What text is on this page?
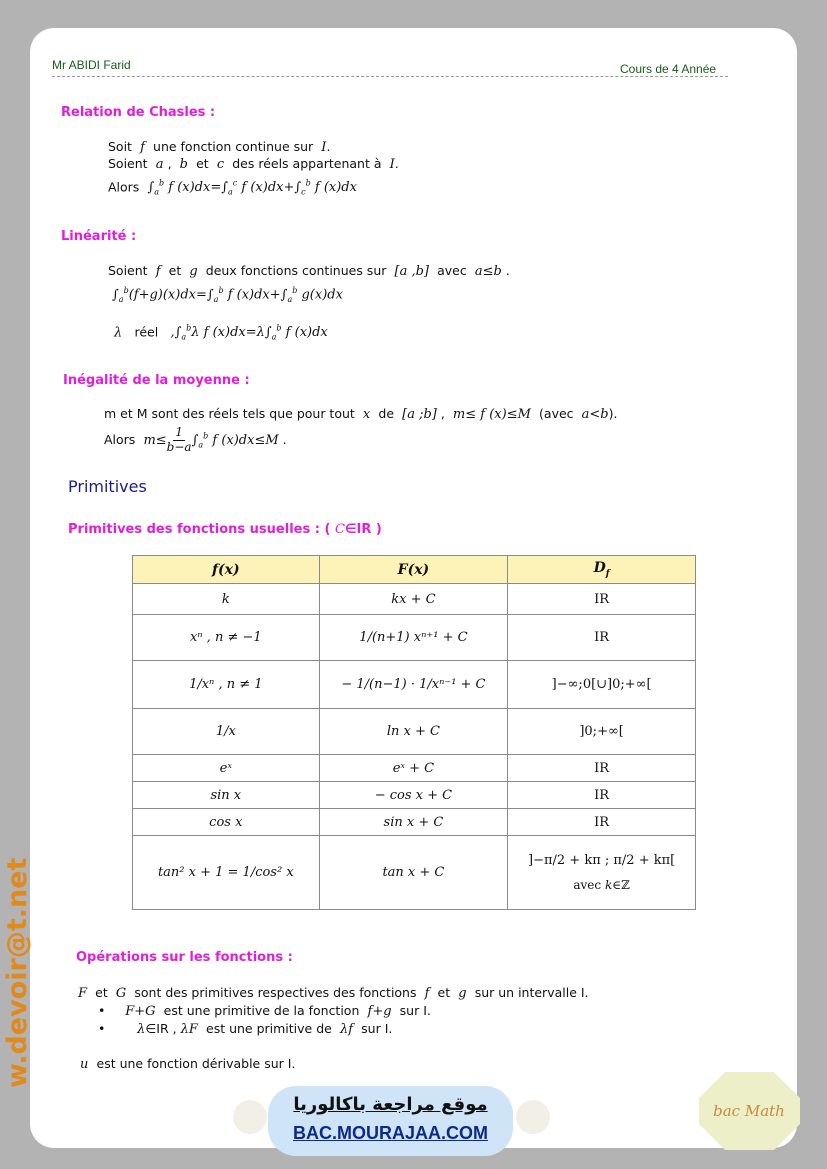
Mr ABIDI Farid	Cours de 4 Année
Relation de Chasles :
Soit  f  une fonction continue sur  I.
Soient  a ,  b  et  c  des réels appartenant à  I.
Alors  $\int_a^b$ f $(x)dx=\int_a^c$ f $(x)dx+\int_c^b$ f (x)dx
Linéarité :
Soient  f  et  g  deux fonctions continues sur  [a ,b]  avec  a≤b .
$\int_a^b(f+g)(x)dx=\int_a^b$ f $(x)dx+\int_a^b$ g(x)dx
λ   réel   $,\int_a^b\lambda$ f $(x)dx=\lambda\int_a^b$ f (x)dx
Inégalité de la moyenne :
m et M sont des réels tels que pour tout  x  de  [a ;b] ,  m≤ f (x)≤M  (avec  a<b).
Alors  $m\le \frac{1}{b-a} \int_a^b$ f (x)dx≤M .
Primitives
Primitives des fonctions usuelles : ( C∈IR )
f(x)	F(x)	$D_f$
k	kx + C	IR
xⁿ , n ≠ −1	1/(n+1) xⁿ⁺¹ + C	IR
1/xⁿ , n ≠ 1	− 1/(n−1) · 1/xⁿ⁻¹ + C	]−∞;0[∪]0;+∞[
1/x	ln x + C	]0;+∞[
eˣ	eˣ + C	IR
sin x	− cos x + C	IR
cos x	sin x + C	IR
tan² x + 1 = 1/cos² x	tan x + C	]−π/2 + kπ ; π/2 + kπ[
avec k∈ℤ
Opérations sur les fonctions :
F  et  G  sont des primitives respectives des fonctions  f  et  g  sur un intervalle I.
•     F+G  est une primitive de la fonction  f+g  sur I.
•        λ∈IR , λF  est une primitive de  λf  sur I.
u  est une fonction dérivable sur I.
w.devoir@t.net
موقع مراجعة باكالوريا
BAC.MOURAJAA.COM
bac Math
